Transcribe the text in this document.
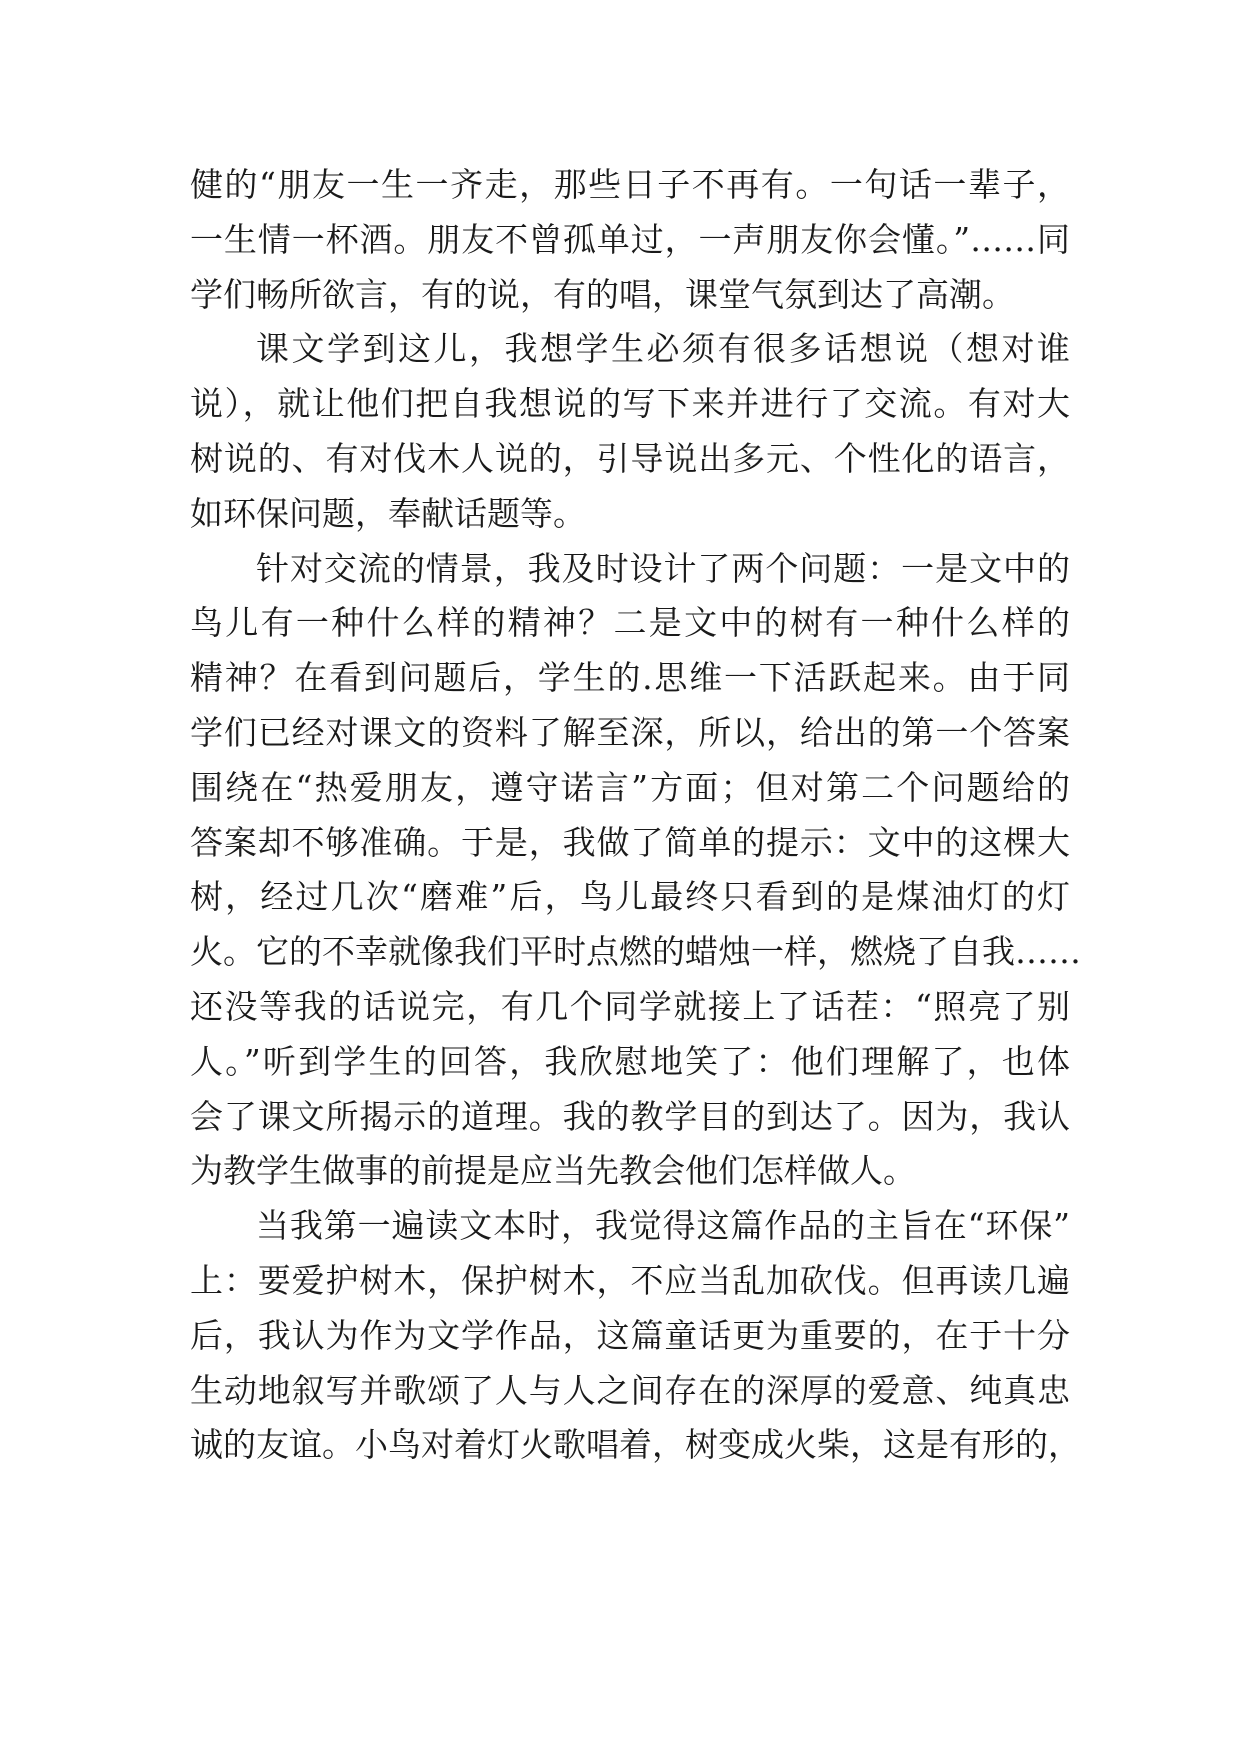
健的“朋友一生一齐走，那些日子不再有。一句话一辈子，
一生情一杯酒。朋友不曾孤单过，一声朋友你会懂。”……同
学们畅所欲言，有的说，有的唱，课堂气氛到达了高潮。
课文学到这儿，我想学生必须有很多话想说（想对谁
说），就让他们把自我想说的写下来并进行了交流。有对大
树说的、有对伐木人说的，引导说出多元、个性化的语言，
如环保问题，奉献话题等。
针对交流的情景，我及时设计了两个问题：一是文中的
鸟儿有一种什么样的精神？二是文中的树有一种什么样的
精神？在看到问题后，学生的.思维一下活跃起来。由于同
学们已经对课文的资料了解至深，所以，给出的第一个答案
围绕在“热爱朋友，遵守诺言”方面；但对第二个问题给的
答案却不够准确。于是，我做了简单的提示：文中的这棵大
树，经过几次“磨难”后，鸟儿最终只看到的是煤油灯的灯
火。它的不幸就像我们平时点燃的蜡烛一样，燃烧了自我……
还没等我的话说完，有几个同学就接上了话茬：“照亮了别
人。”听到学生的回答，我欣慰地笑了：他们理解了，也体
会了课文所揭示的道理。我的教学目的到达了。因为，我认
为教学生做事的前提是应当先教会他们怎样做人。
当我第一遍读文本时，我觉得这篇作品的主旨在“环保”
上：要爱护树木，保护树木，不应当乱加砍伐。但再读几遍
后，我认为作为文学作品，这篇童话更为重要的，在于十分
生动地叙写并歌颂了人与人之间存在的深厚的爱意、纯真忠
诚的友谊。小鸟对着灯火歌唱着，树变成火柴，这是有形的，
